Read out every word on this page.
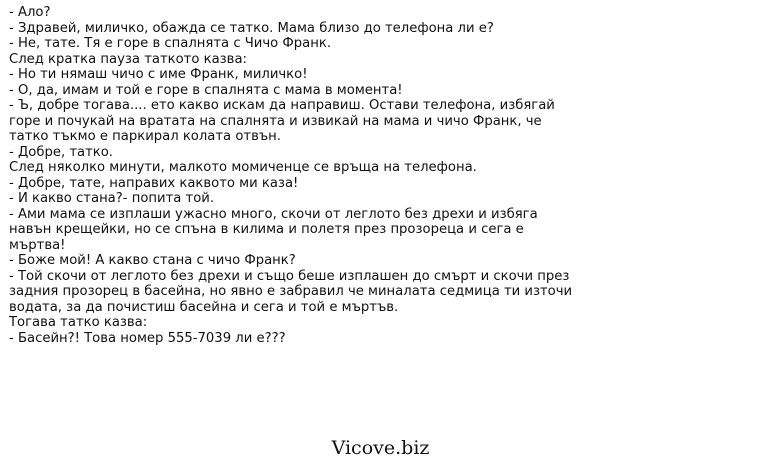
- Ало?
- Здравей, миличко, обажда се татко. Мама близо до телефона ли е?
- Не, тате. Тя е горе в спалнята с Чичо Франк.
След кратка пауза таткото казва:
- Но ти нямаш чичо с име Франк, миличко!
- О, да, имам и той е горе в спалнята с мама в момента!
- Ъ, добре тогава.... ето какво искам да направиш. Остави телефона, избягай горе и почукай на вратата на спалнята и извикай на мама и чичо Франк, че татко тъкмо е паркирал колата отвън.
- Добре, татко.
След няколко минути, малкото момиченце се връща на телефона.
- Добре, тате, направих каквото ми каза!
- И какво стана?- попита той.
- Ами мама се изплаши ужасно много, скочи от леглото без дрехи и избяга навън крещейки, но се спъна в килима и полетя през прозореца и сега е мъртва!
- Боже мой! А какво стана с чичо Франк?
- Той скочи от леглото без дрехи и също беше изплашен до смърт и скочи през задния прозорец в басейна, но явно е забравил че миналата седмица ти източи водата, за да почистиш басейна и сега и той е мъртъв.
Тогава татко казва:
- Басейн?! Това номер 555-7039 ли е???
Vicove.biz
